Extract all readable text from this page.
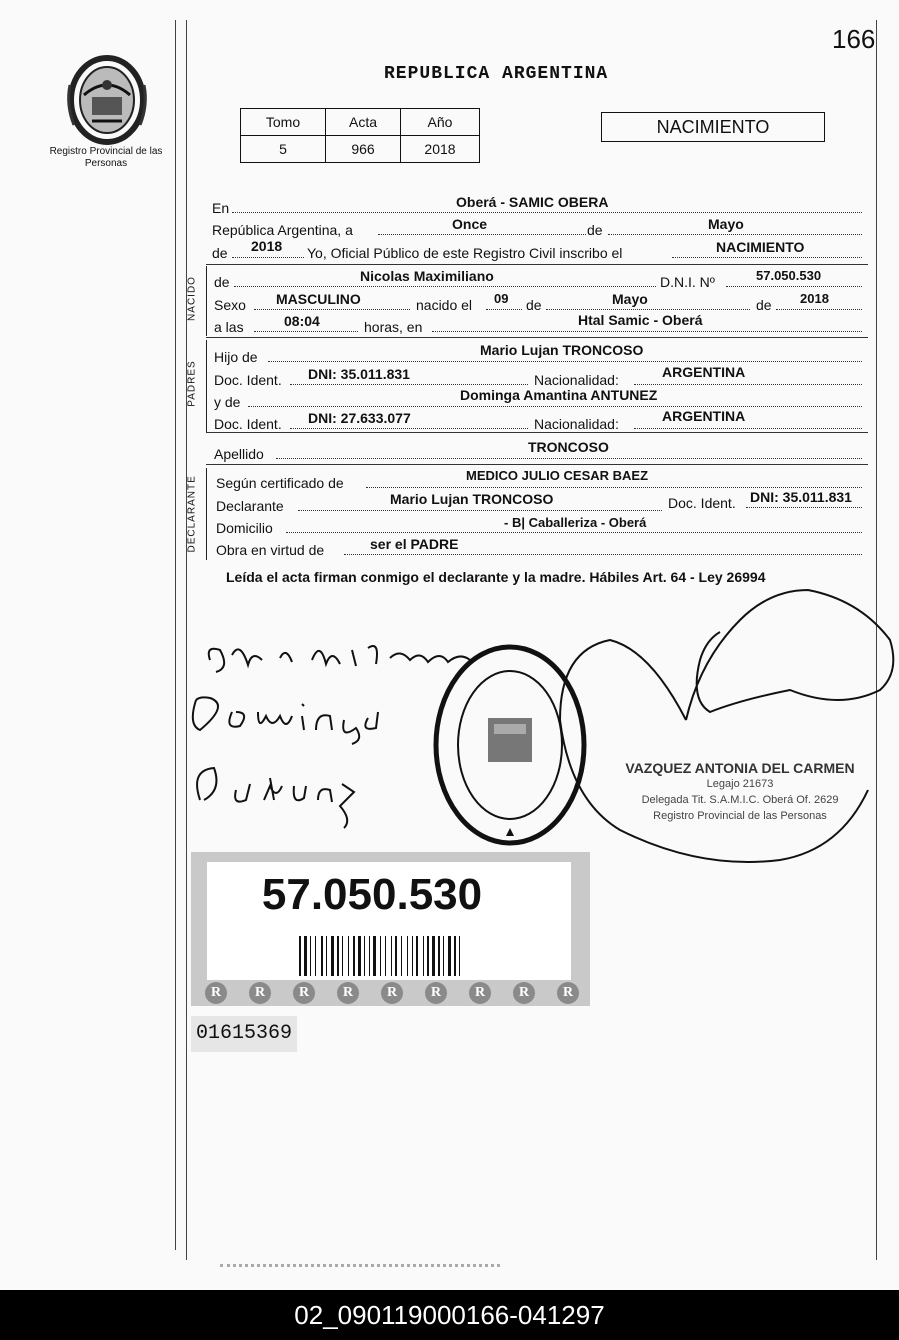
166
Registro Provincial de las Personas
REPUBLICA ARGENTINA
Tomo	Acta	Año
5	966	2018
NACIMIENTO
En	Oberá - SAMIC OBERA
República Argentina, a	Once	de	Mayo
de 2018 Yo, Oficial Público de este Registro Civil inscribo el	NACIMIENTO
NACIDO de	Nicolas Maximiliano	D.N.I. Nº	57.050.530
Sexo MASCULINO	nacido el 09 de	Mayo	de 2018
a las	08:04	horas, en	Htal Samic - Oberá
PADRES
Hijo de	Mario Lujan TRONCOSO
Doc. Ident. DNI: 35.011.831	Nacionalidad:	ARGENTINA
y de	Dominga Amantina ANTUNEZ
Doc. Ident. DNI: 27.633.077	Nacionalidad:	ARGENTINA
Apellido	TRONCOSO
DECLARANTE Según certificado de	MEDICO JULIO CESAR BAEZ
Declarante	Mario Lujan TRONCOSO	Doc. Ident. DNI: 35.011.831
Domicilio	- B| Caballeriza - Oberá
Obra en virtud de	ser el PADRE
Leída el acta firman conmigo el declarante y la madre. Hábiles Art. 64 - Ley 26994
VAZQUEZ ANTONIA DEL CARMEN
Legajo 21673
Delegada Tit. S.A.M.I.C. Oberá Of. 2629
Registro Provincial de las Personas
57.050.530
R	R	R	R	R	R	R	R	R
01615369
02_090119000166-041297
